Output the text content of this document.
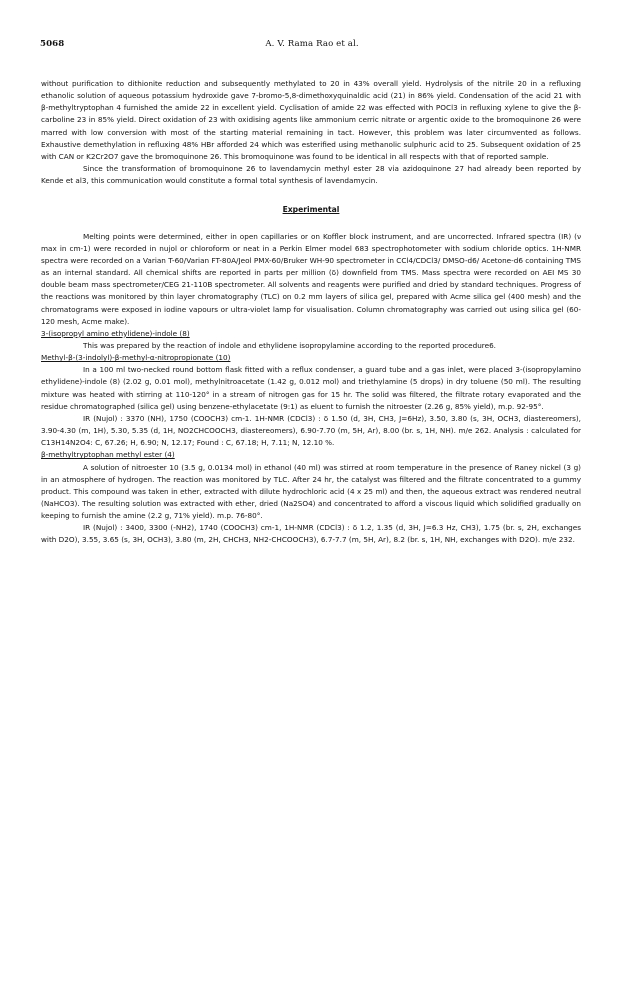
5068	A. V. Rama Rao et al.

without purification to dithionite reduction and subsequently methylated to 20 in 43% overall yield. Hydrolysis of the nitrile 20 in a refluxing ethanolic solution of aqueous potassium hydroxide gave 7-bromo-5,8-dimethoxyquinaldic acid (21) in 86% yield. Condensation of the acid 21 with β-methyltryptophan 4 furnished the amide 22 in excellent yield. Cyclisation of amide 22 was effected with POCl3 in refluxing xylene to give the β-carboline 23 in 85% yield. Direct oxidation of 23 with oxidising agents like ammonium cerric nitrate or argentic oxide to the bromoquinone 26 were marred with low conversion with most of the starting material remaining in tact. However, this problem was later circumvented as follows. Exhaustive demethylation in refluxing 48% HBr afforded 24 which was esterified using methanolic sulphuric acid to 25. Subsequent oxidation of 25 with CAN or K2Cr2O7 gave the bromoquinone 26. This bromoquinone was found to be identical in all respects with that of reported sample.

Since the transformation of bromoquinone 26 to lavendamycin methyl ester 28 via azidoquinone 27 had already been reported by Kende et al3, this communication would constitute a formal total synthesis of lavendamycin.

Experimental

Melting points were determined, either in open capillaries or on Koffler block instrument, and are uncorrected. Infrared spectra (IR) (ν max in cm-1) were recorded in nujol or chloroform or neat in a Perkin Elmer model 683 spectrophotometer with sodium chloride optics. 1H-NMR spectra were recorded on a Varian T-60/Varian FT-80A/Jeol PMX-60/Bruker WH-90 spectrometer in CCl4/CDCl3/ DMSO-d6/ Acetone-d6 containing TMS as an internal standard. All chemical shifts are reported in parts per million (δ) downfield from TMS. Mass spectra were recorded on AEI MS 30 double beam mass spectrometer/CEG 21-110B spectrometer. All solvents and reagents were purified and dried by standard techniques. Progress of the reactions was monitored by thin layer chromatography (TLC) on 0.2 mm layers of silica gel, prepared with Acme silica gel (400 mesh) and the chromatograms were exposed in iodine vapours or ultra-violet lamp for visualisation. Column chromatography was carried out using silica gel (60-120 mesh, Acme make).

3-(isopropyl amino ethylidene)-indole (8)

This was prepared by the reaction of indole and ethylidene isopropylamine according to the reported procedure6.

Methyl-β-(3-indolyl)-β-methyl-α-nitropropionate (10)

In a 100 ml two-necked round bottom flask fitted with a reflux condenser, a guard tube and a gas inlet, were placed 3-(isopropylamino ethylidene)-indole (8) (2.02 g, 0.01 mol), methylnitroacetate (1.42 g, 0.012 mol) and triethylamine (5 drops) in dry toluene (50 ml). The resulting mixture was heated with stirring at 110-120° in a stream of nitrogen gas for 15 hr. The solid was filtered, the filtrate rotary evaporated and the residue chromatographed (silica gel) using benzene-ethylacetate (9:1) as eluent to furnish the nitroester (2.26 g, 85% yield), m.p. 92-95°.

IR (Nujol) : 3370 (NH), 1750 (COOCH3) cm-1. 1H-NMR (CDCl3) : δ 1.50 (d, 3H, CH3, J=6Hz), 3.50, 3.80 (s, 3H, OCH3, diastereomers), 3.90-4.30 (m, 1H), 5.30, 5.35 (d, 1H, NO2CHCOOCH3, diastereomers), 6.90-7.70 (m, 5H, Ar), 8.00 (br. s, 1H, NH). m/e 262. Analysis : calculated for C13H14N2O4: C, 67.26; H, 6.90; N, 12.17; Found : C, 67.18; H, 7.11; N, 12.10 %.

β-methyltryptophan methyl ester (4)

A solution of nitroester 10 (3.5 g, 0.0134 mol) in ethanol (40 ml) was stirred at room temperature in the presence of Raney nickel (3 g) in an atmosphere of hydrogen. The reaction was monitored by TLC. After 24 hr, the catalyst was filtered and the filtrate concentrated to a gummy product. This compound was taken in ether, extracted with dilute hydrochloric acid (4 x 25 ml) and then, the aqueous extract was rendered neutral (NaHCO3). The resulting solution was extracted with ether, dried (Na2SO4) and concentrated to afford a viscous liquid which solidified gradually on keeping to furnish the amine (2.2 g, 71% yield). m.p. 76-80°.

IR (Nujol) : 3400, 3300 (-NH2), 1740 (COOCH3) cm-1, 1H-NMR (CDCl3) : δ 1.2, 1.35 (d, 3H, J=6.3 Hz, CH3), 1.75 (br. s, 2H, exchanges with D2O), 3.55, 3.65 (s, 3H, OCH3), 3.80 (m, 2H, CHCH3, NH2-CHCOOCH3), 6.7-7.7 (m, 5H, Ar), 8.2 (br. s, 1H, NH, exchanges with D2O). m/e 232.
